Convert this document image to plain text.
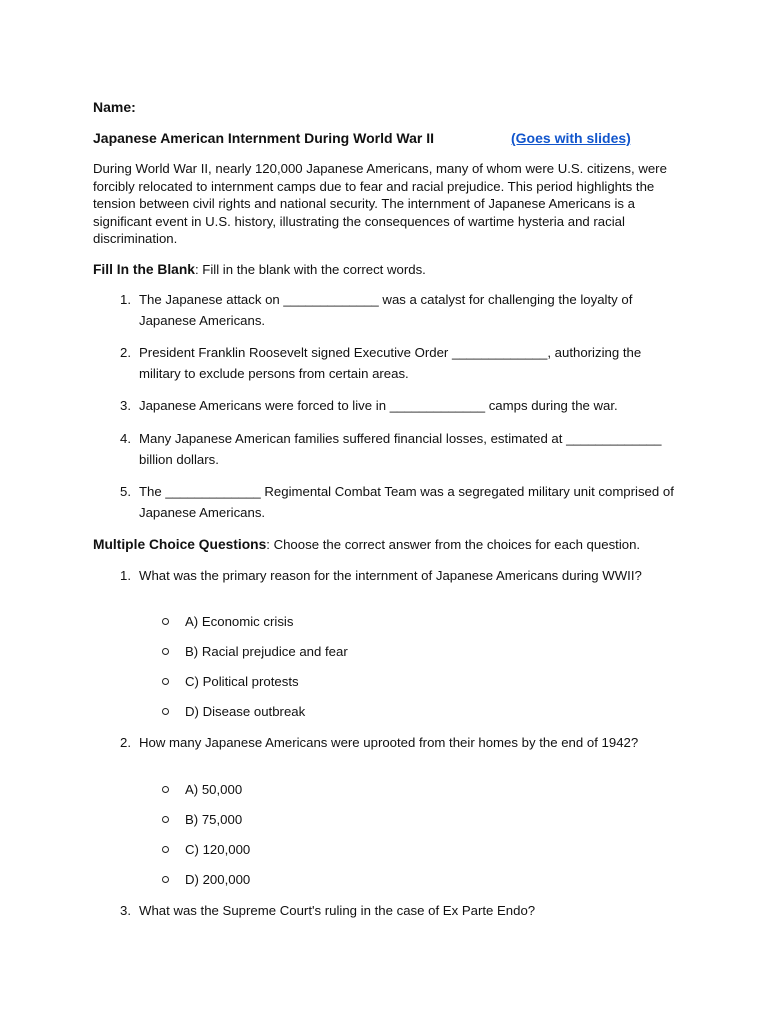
Name:
Japanese American Internment During World War II	(Goes with slides)

During World War II, nearly 120,000 Japanese Americans, many of whom were U.S. citizens, were forcibly relocated to internment camps due to fear and racial prejudice. This period highlights the tension between civil rights and national security. The internment of Japanese Americans is a significant event in U.S. history, illustrating the consequences of wartime hysteria and racial discrimination.

Fill In the Blank: Fill in the blank with the correct words.
1. The Japanese attack on _____________ was a catalyst for challenging the loyalty of Japanese Americans.
2. President Franklin Roosevelt signed Executive Order _____________, authorizing the military to exclude persons from certain areas.
3. Japanese Americans were forced to live in _____________ camps during the war.
4. Many Japanese American families suffered financial losses, estimated at _____________ billion dollars.
5. The _____________ Regimental Combat Team was a segregated military unit comprised of Japanese Americans.
Multiple Choice Questions: Choose the correct answer from the choices for each question.
1. What was the primary reason for the internment of Japanese Americans during WWII?
A) Economic crisis
B) Racial prejudice and fear
C) Political protests
D) Disease outbreak
2. How many Japanese Americans were uprooted from their homes by the end of 1942?
A) 50,000
B) 75,000
C) 120,000
D) 200,000
3. What was the Supreme Court's ruling in the case of Ex Parte Endo?
